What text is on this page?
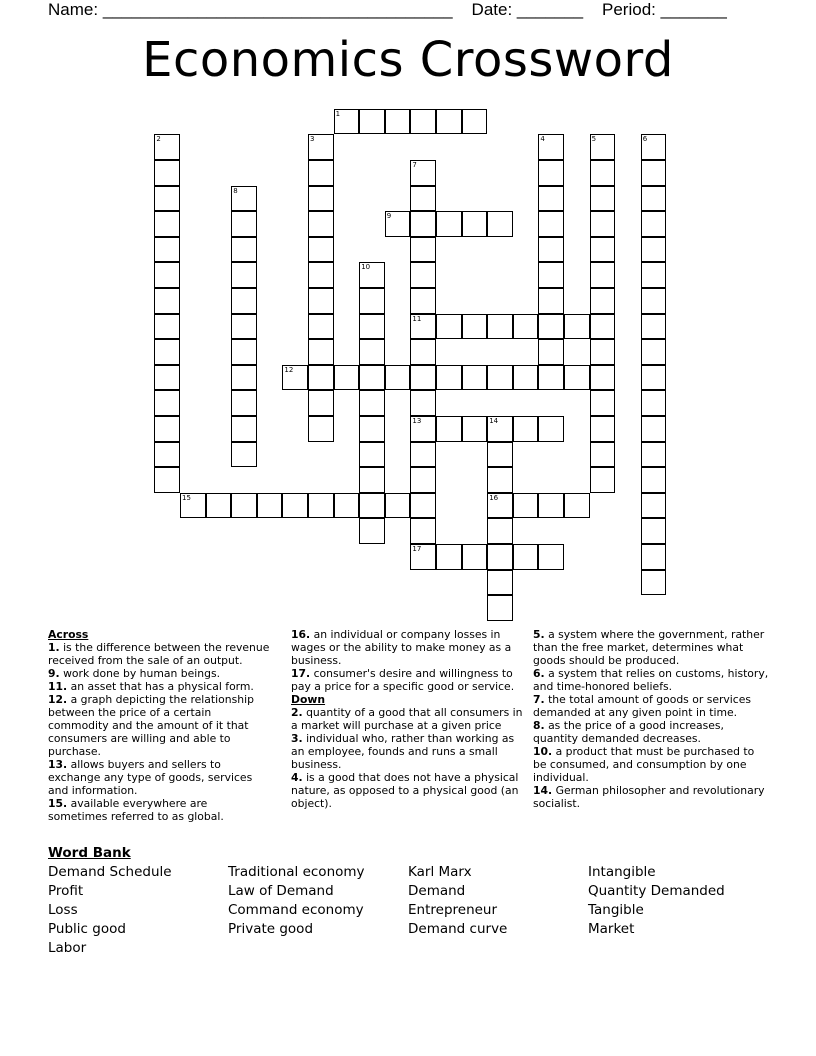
Name: _____________________________________ Date: _______ Period: _______
Economics Crossword
1
2	3	4	5	6
7
8
9
10
11
12
13	14
15	16
17

Across

1. is the difference between the revenue received from the sale of an output.

9. work done by human beings.

11. an asset that has a physical form.

12. a graph depicting the relationship between the price of a certain commodity and the amount of it that consumers are willing and able to purchase.

13. allows buyers and sellers to exchange any type of goods, services and information.

15. available everywhere are sometimes referred to as global.

16. an individual or company losses in wages or the ability to make money as a business.

17. consumer's desire and willingness to pay a price for a specific good or service.

Down

2. quantity of a good that all consumers in a market will purchase at a given price

3. individual who, rather than working as an employee, founds and runs a small business.

4. is a good that does not have a physical nature, as opposed to a physical good (an object).

5. a system where the government, rather than the free market, determines what goods should be produced.

6. a system that relies on customs, history, and time-honored beliefs.

7. the total amount of goods or services demanded at any given point in time.

8. as the price of a good increases, quantity demanded decreases.

10. a product that must be purchased to be consumed, and consumption by one individual.

14. German philosopher and revolutionary socialist.

Word Bank
Demand Schedule
Profit
Loss
Public good
Labor
Traditional economy
Law of Demand
Command economy
Private good
Karl Marx
Demand
Entrepreneur
Demand curve
Intangible
Quantity Demanded
Tangible
Market
